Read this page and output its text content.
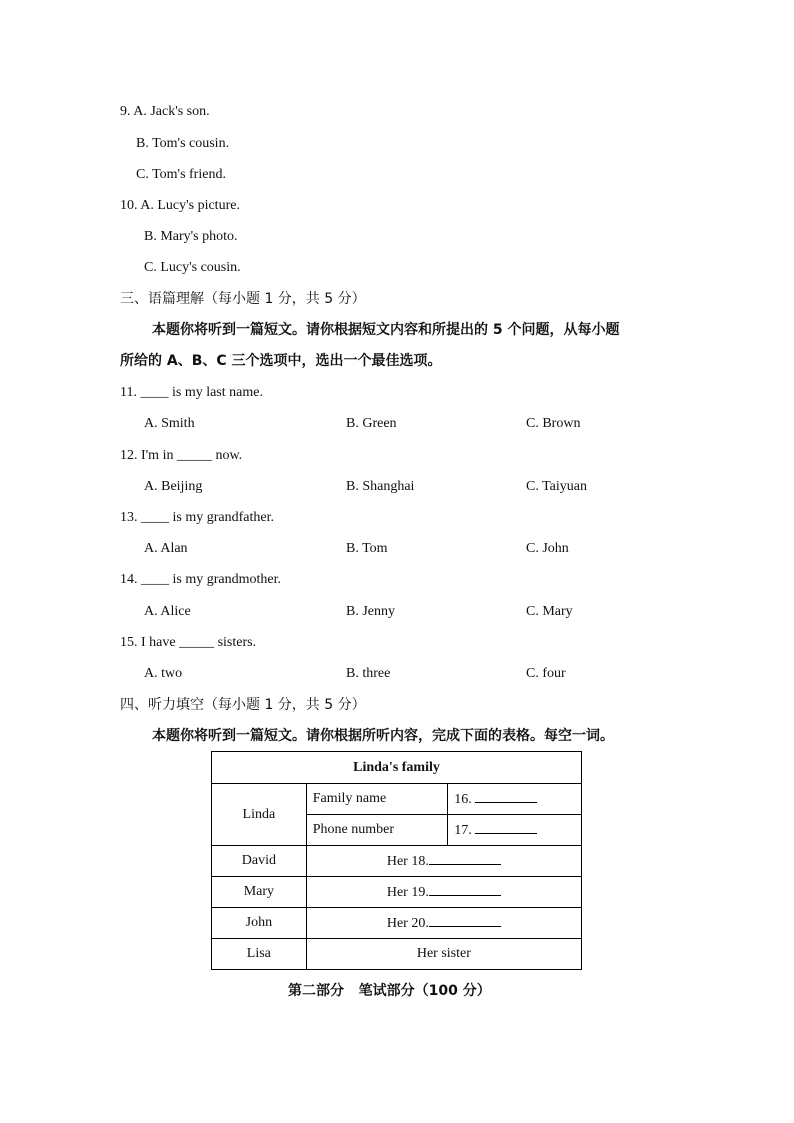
9. A. Jack's son.
B. Tom's cousin.
C. Tom's friend.
10. A. Lucy's picture.
B. Mary's photo.
C. Lucy's cousin.
三、语篇理解（每小题 1 分，共 5 分）
本题你将听到一篇短文。请你根据短文内容和所提出的 5 个问题，从每小题
所给的 A、B、C 三个选项中，选出一个最佳选项。
11. ____ is my last name.
A. Smith	B. Green	C. Brown
12. I'm in _____ now.
A. Beijing	B. Shanghai	C. Taiyuan
13. ____ is my grandfather.
A. Alan	B. Tom	C. John
14. ____ is my grandmother.
A. Alice	B. Jenny	C. Mary
15. I have _____ sisters.
A. two	B. three	C. four
四、听力填空（每小题 1 分，共 5 分）
本题你将听到一篇短文。请你根据所听内容，完成下面的表格。每空一词。
Linda's family		
Linda	Family name	16.
	Phone number	17.
David	Her 18.	
Mary	Her 19.	
John	Her 20.	
Lisa	Her sister	
第二部分   笔试部分（100 分）
